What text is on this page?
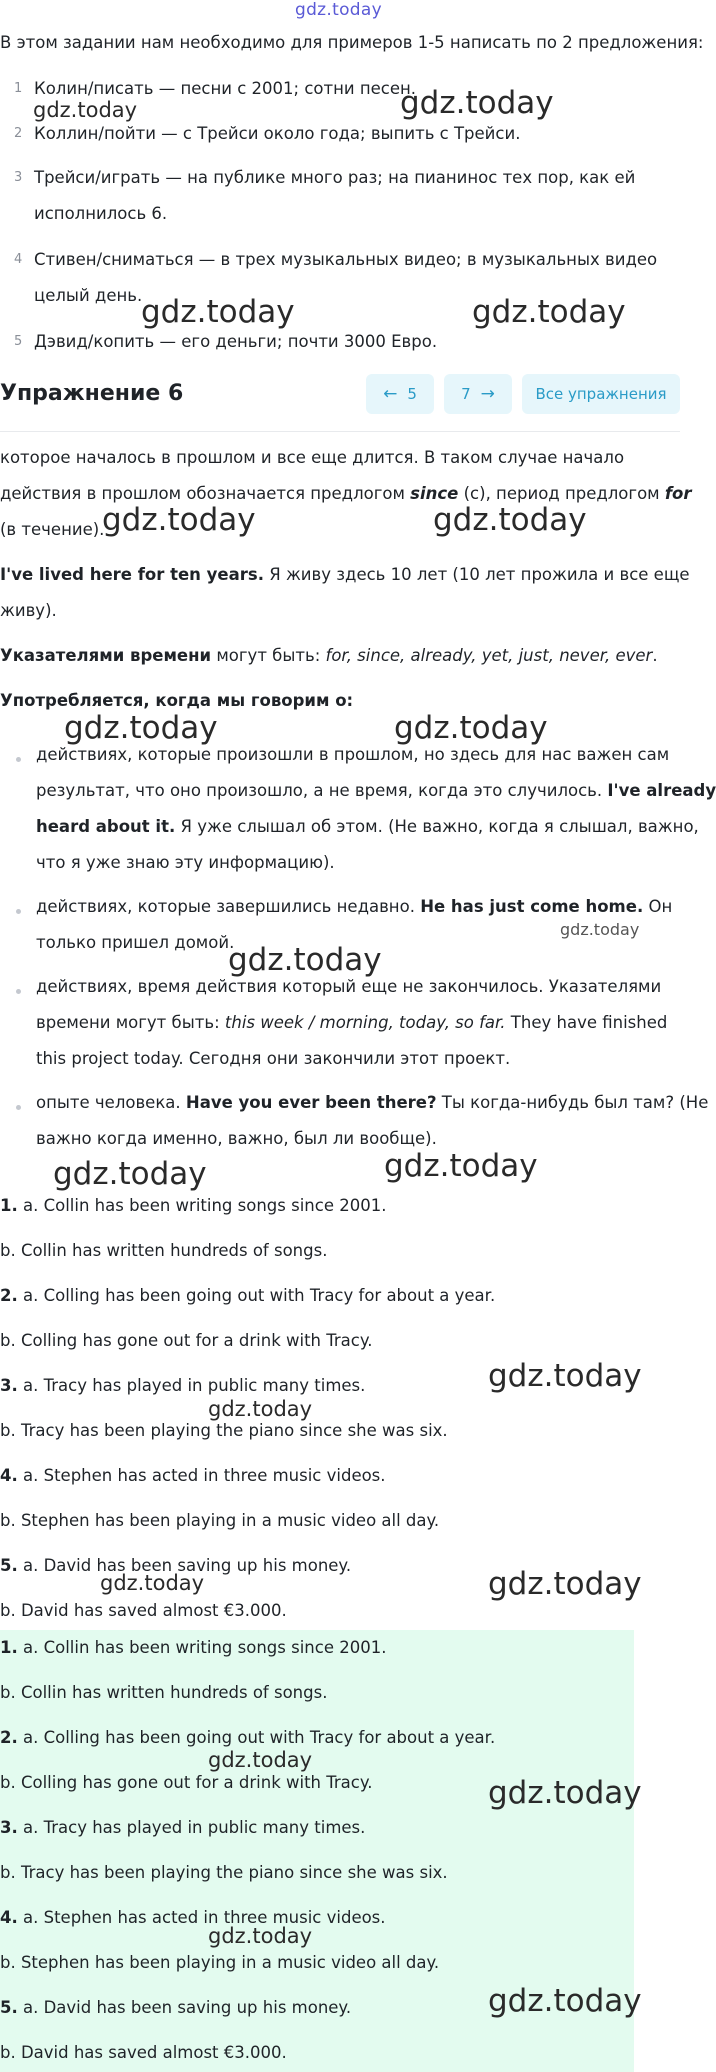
gdz.today
В этом задании нам необходимо для примеров 1-5 написать по 2 предложения:
1 Колин/писать — песни с 2001; сотни песен.
2 Коллин/пойти — с Трейси около года; выпить с Трейси.
3 Трейси/играть — на публике много раз; на пианинос тех пор, как ей
исполнилось 6.
4 Стивен/сниматься — в трех музыкальных видео; в музыкальных видео
целый день.
5 Дэвид/копить — его деньги; почти 3000 Евро.
Упражнение 6	← 5	7 →	Все упражнения
которое началось в прошлом и все еще длится. В таком случае начало
действия в прошлом обозначается предлогом since (с), период предлогом for
(в течение).
I've lived here for ten years. Я живу здесь 10 лет (10 лет прожила и все еще
живу).
Указателями времени могут быть: for, since, already, yet, just, never, ever.
Употребляется, когда мы говорим о:
действиях, которые произошли в прошлом, но здесь для нас важен сам
результат, что оно произошло, а не время, когда это случилось. I've already
heard about it. Я уже слышал об этом. (Не важно, когда я слышал, важно,
что я уже знаю эту информацию).
действиях, которые завершились недавно. He has just come home. Он
только пришел домой.
действиях, время действия который еще не закончилось. Указателями
времени могут быть: this week / morning, today, so far. They have finished
this project today. Сегодня они закончили этот проект.
опыте человека. Have you ever been there? Ты когда-нибудь был там? (Не
важно когда именно, важно, был ли вообще).
1. a. Collin has been writing songs since 2001.
b. Collin has written hundreds of songs.
2. a. Colling has been going out with Tracy for about a year.
b. Colling has gone out for a drink with Tracy.
3. a. Tracy has played in public many times.
b. Tracy has been playing the piano since she was six.
4. a. Stephen has acted in three music videos.
b. Stephen has been playing in a music video all day.
5. a. David has been saving up his money.
b. David has saved almost €3.000.
1. a. Collin has been writing songs since 2001.
b. Collin has written hundreds of songs.
2. a. Colling has been going out with Tracy for about a year.
b. Colling has gone out for a drink with Tracy.
3. a. Tracy has played in public many times.
b. Tracy has been playing the piano since she was six.
4. a. Stephen has acted in three music videos.
b. Stephen has been playing in a music video all day.
5. a. David has been saving up his money.
b. David has saved almost €3.000.
gdz.today	gdz.today
gdz.today	gdz.today
gdz.today	gdz.today
gdz.today	gdz.today
gdz.today
gdz.today
gdz.today	gdz.today
gdz.today
gdz.today
gdz.today	gdz.today
gdz.today
gdz.today
gdz.today
gdz.today
